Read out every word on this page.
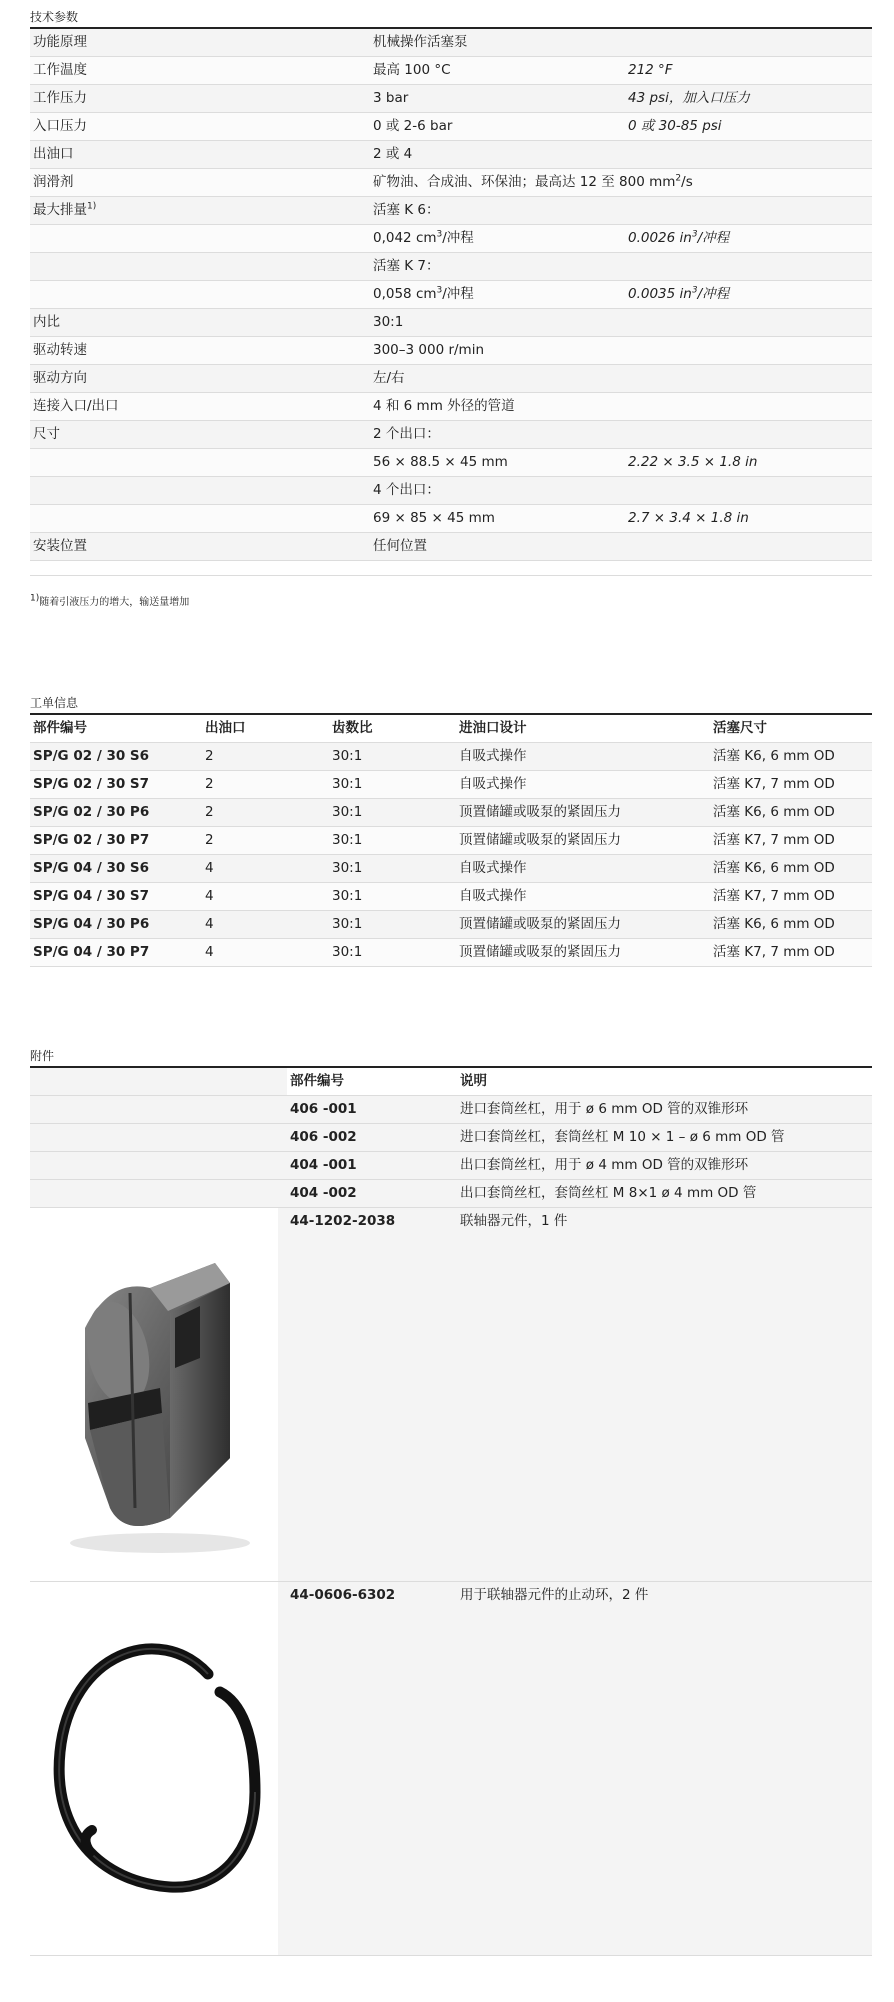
技术参数
功能原理	机械操作活塞泵	
工作温度	最高 100 °C	212 °F
工作压力	3 bar	43 psi，加入口压力
入口压力	0 或 2-6 bar	0 或 30-85 psi
出油口	2 或 4	
润滑剂	矿物油、合成油、环保油；最高达 12 至 800 $mm^2/s$	
最大排量$^{1)}$	活塞 K 6：	
	0,042 $cm^3/$冲程	0.0026 $in^3/$冲程
	活塞 K 7：	
	0,058 $cm^3/$冲程	0.0035 $in^3/$冲程
内比	30:1	
驱动转速	300–3 000 r/min	
驱动方向	左/右	
连接入口/出口	4 和 6 mm 外径的管道	
尺寸	2 个出口：	
	56 × 88.5 × 45 mm	2.22 × 3.5 × 1.8 in
	4 个出口：	
	69 × 85 × 45 mm	2.7 × 3.4 × 1.8 in
安装位置	任何位置	
$^{1)}$随着引液压力的增大，输送量增加
工单信息
部件编号	出油口	齿数比	进油口设计	活塞尺寸
SP/G 02 / 30 S6	2	30:1	自吸式操作	活塞 K6, 6 mm OD
SP/G 02 / 30 S7	2	30:1	自吸式操作	活塞 K7, 7 mm OD
SP/G 02 / 30 P6	2	30:1	顶置储罐或吸泵的紧固压力	活塞 K6, 6 mm OD
SP/G 02 / 30 P7	2	30:1	顶置储罐或吸泵的紧固压力	活塞 K7, 7 mm OD
SP/G 04 / 30 S6	4	30:1	自吸式操作	活塞 K6, 6 mm OD
SP/G 04 / 30 S7	4	30:1	自吸式操作	活塞 K7, 7 mm OD
SP/G 04 / 30 P6	4	30:1	顶置储罐或吸泵的紧固压力	活塞 K6, 6 mm OD
SP/G 04 / 30 P7	4	30:1	顶置储罐或吸泵的紧固压力	活塞 K7, 7 mm OD
附件
	部件编号	说明
	406 -001	进口套筒丝杠，用于 ø 6 mm OD 管的双锥形环
	406 -002	进口套筒丝杠，套筒丝杠 M 10 × 1 – ø 6 mm OD 管
	404 -001	出口套筒丝杠，用于 ø 4 mm OD 管的双锥形环
	404 -002	出口套筒丝杠，套筒丝杠 M 8×1 ø 4 mm OD 管

	44-1202-2038	联轴器元件，1 件

	44-0606-6302	用于联轴器元件的止动环，2 件
